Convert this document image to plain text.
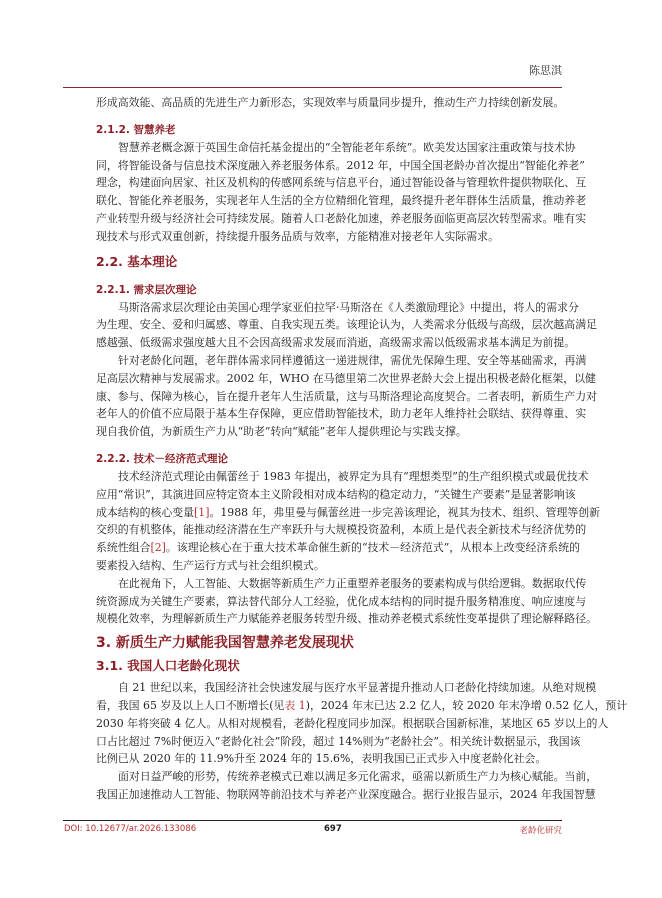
陈思淇
形成高效能、高品质的先进生产力新形态，实现效率与质量同步提升，推动生产力持续创新发展。
2.1.2. 智慧养老
智慧养老概念源于英国生命信托基金提出的“全智能老年系统”。欧美发达国家注重政策与技术协
同，将智能设备与信息技术深度融入养老服务体系。2012 年，中国全国老龄办首次提出“智能化养老”
理念，构建面向居家、社区及机构的传感网系统与信息平台，通过智能设备与管理软件提供物联化、互
联化、智能化养老服务，实现老年人生活的全方位精细化管理，最终提升老年群体生活质量，推动养老
产业转型升级与经济社会可持续发展。随着人口老龄化加速，养老服务面临更高层次转型需求。唯有实
现技术与形式双重创新，持续提升服务品质与效率，方能精准对接老年人实际需求。
2.2. 基本理论
2.2.1. 需求层次理论
马斯洛需求层次理论由美国心理学家亚伯拉罕·马斯洛在《人类激励理论》中提出，将人的需求分
为生理、安全、爱和归属感、尊重、自我实现五类。该理论认为，人类需求分低级与高级，层次越高满足
感越强、低级需求强度越大且不会因高级需求发展而消逝，高级需求需以低级需求基本满足为前提。
针对老龄化问题，老年群体需求同样遵循这一递进规律，需优先保障生理、安全等基础需求，再满
足高层次精神与发展需求。2002 年，WHO 在马德里第二次世界老龄大会上提出积极老龄化框架，以健
康、参与、保障为核心，旨在提升老年人生活质量，这与马斯洛理论高度契合。二者表明，新质生产力对
老年人的价值不应局限于基本生存保障，更应借助智能技术，助力老年人维持社会联结、获得尊重、实
现自我价值，为新质生产力从“助老”转向“赋能”老年人提供理论与实践支撑。
2.2.2. 技术－经济范式理论
技术经济范式理论由佩蕾丝于 1983 年提出，被界定为具有“理想类型”的生产组织模式或最优技术
应用“常识”，其演进回应特定资本主义阶段相对成本结构的稳定动力，“关键生产要素”是显著影响该
成本结构的核心变量[1]。1988 年，弗里曼与佩蕾丝进一步完善该理论，视其为技术、组织、管理等创新
交织的有机整体，能推动经济潜在生产率跃升与大规模投资盈利，本质上是代表全新技术与经济优势的
系统性组合[2]。该理论核心在于重大技术革命催生新的“技术－经济范式”，从根本上改变经济系统的
要素投入结构、生产运行方式与社会组织模式。
在此视角下，人工智能、大数据等新质生产力正重塑养老服务的要素构成与供给逻辑。数据取代传
统资源成为关键生产要素，算法替代部分人工经验，优化成本结构的同时提升服务精准度、响应速度与
规模化效率，为理解新质生产力赋能养老服务转型升级、推动养老模式系统性变革提供了理论解释路径。
3. 新质生产力赋能我国智慧养老发展现状
3.1. 我国人口老龄化现状
自 21 世纪以来，我国经济社会快速发展与医疗水平显著提升推动人口老龄化持续加速。从绝对规模
看，我国 65 岁及以上人口不断增长(见表 1)，2024 年末已达 2.2 亿人，较 2020 年末净增 0.52 亿人，预计
2030 年将突破 4 亿人。从相对规模看，老龄化程度同步加深。根据联合国新标准，某地区 65 岁以上的人
口占比超过 7%时便迈入“老龄化社会”阶段，超过 14%则为“老龄社会”。相关统计数据显示，我国该
比例已从 2020 年的 11.9%升至 2024 年的 15.6%，表明我国已正式步入中度老龄化社会。
面对日益严峻的形势，传统养老模式已难以满足多元化需求，亟需以新质生产力为核心赋能。当前，
我国正加速推动人工智能、物联网等前沿技术与养老产业深度融合。据行业报告显示，2024 年我国智慧
DOI: 10.12677/ar.2026.133086	697	老龄化研究
